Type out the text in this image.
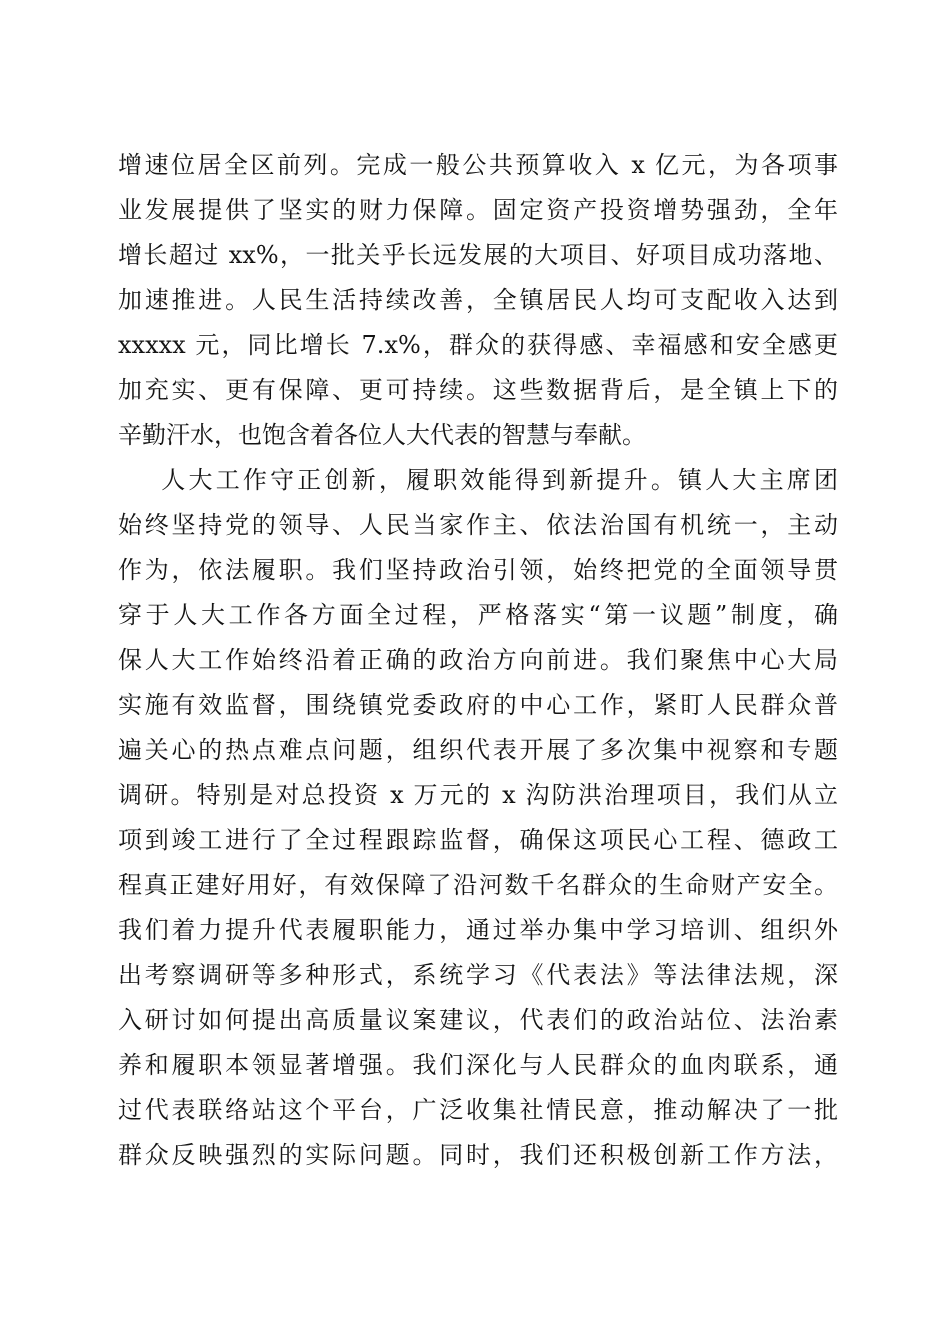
增速位居全区前列。完成一般公共预算收入 x 亿元，为各项事
业发展提供了坚实的财力保障。固定资产投资增势强劲，全年
增长超过 xx%，一批关乎长远发展的大项目、好项目成功落地、
加速推进。人民生活持续改善，全镇居民人均可支配收入达到
xxxxx 元，同比增长 7.x%，群众的获得感、幸福感和安全感更
加充实、更有保障、更可持续。这些数据背后，是全镇上下的
辛勤汗水，也饱含着各位人大代表的智慧与奉献。
人大工作守正创新，履职效能得到新提升。镇人大主席团
始终坚持党的领导、人民当家作主、依法治国有机统一，主动
作为，依法履职。我们坚持政治引领，始终把党的全面领导贯
穿于人大工作各方面全过程，严格落实“第一议题”制度，确
保人大工作始终沿着正确的政治方向前进。我们聚焦中心大局
实施有效监督，围绕镇党委政府的中心工作，紧盯人民群众普
遍关心的热点难点问题，组织代表开展了多次集中视察和专题
调研。特别是对总投资 x 万元的 x 沟防洪治理项目，我们从立
项到竣工进行了全过程跟踪监督，确保这项民心工程、德政工
程真正建好用好，有效保障了沿河数千名群众的生命财产安全。
我们着力提升代表履职能力，通过举办集中学习培训、组织外
出考察调研等多种形式，系统学习《代表法》等法律法规，深
入研讨如何提出高质量议案建议，代表们的政治站位、法治素
养和履职本领显著增强。我们深化与人民群众的血肉联系，通
过代表联络站这个平台，广泛收集社情民意，推动解决了一批
群众反映强烈的实际问题。同时，我们还积极创新工作方法，
